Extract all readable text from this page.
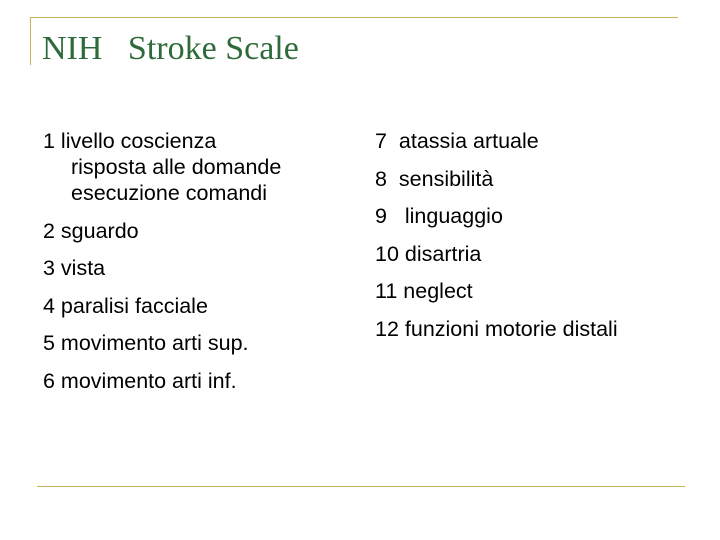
NIH   Stroke Scale
1 livello coscienza
risposta alle domande
esecuzione comandi
2 sguardo
3 vista
4 paralisi facciale
5 movimento arti sup.
6 movimento arti inf.
7  atassia artuale
8  sensibilità
9   linguaggio
10 disartria
11 neglect
12 funzioni motorie distali
